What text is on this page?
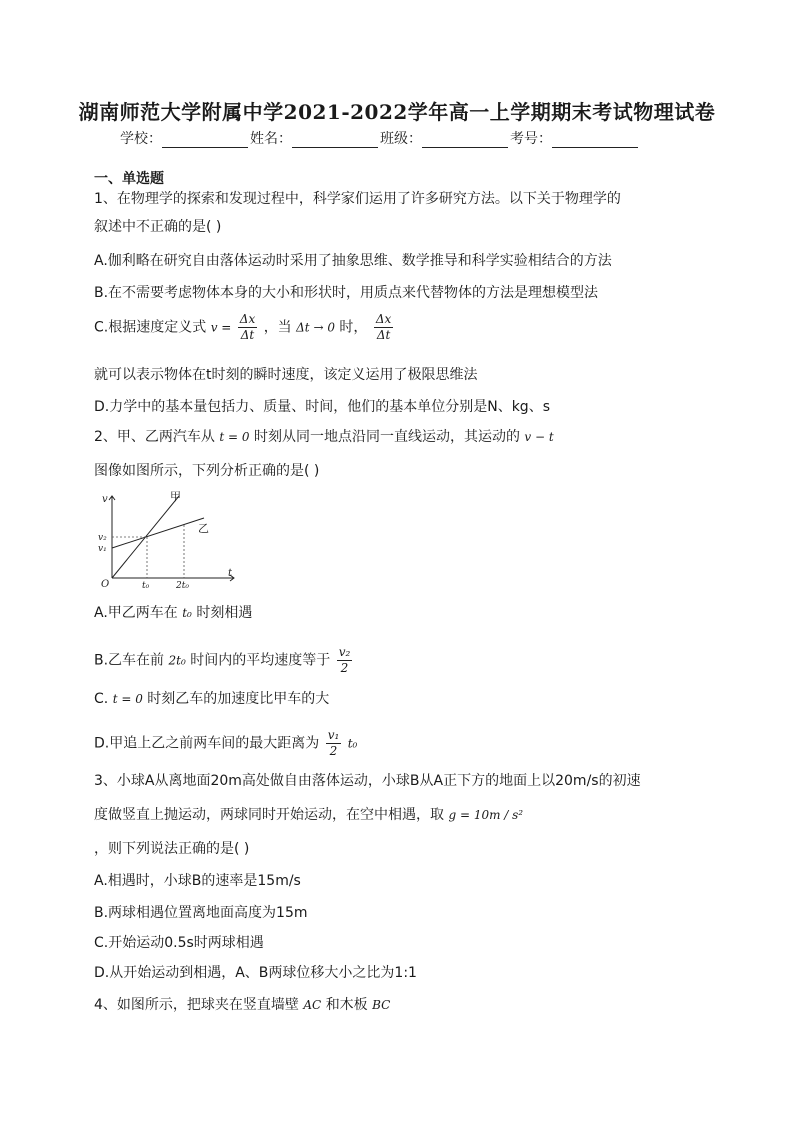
湖南师范大学附属中学2021-2022学年高一上学期期末考试物理试卷
学校：	姓名：	班级：	考号：
一、单选题
1、在物理学的探索和发现过程中，科学家们运用了许多研究方法。以下关于物理学的
叙述中不正确的是( )
A.伽利略在研究自由落体运动时采用了抽象思维、数学推导和科学实验相结合的方法
B.在不需要考虑物体本身的大小和形状时，用质点来代替物体的方法是理想模型法
C.根据速度定义式 $v = \frac{\Delta x}{\Delta t}$ ，当 Δt → 0 时， $\frac{\Delta x}{\Delta t}$
就可以表示物体在t时刻的瞬时速度，该定义运用了极限思维法
D.力学中的基本量包括力、质量、时间，他们的基本单位分别是N、kg、s
2、甲、乙两汽车从 t = 0 时刻从同一地点沿同一直线运动，其运动的 v − t
图像如图所示，下列分析正确的是( )
v
t
O
v₂
v₁
t₀	2t₀
甲
乙
A.甲乙两车在 t₀ 时刻相遇
B.乙车在前 2t₀ 时间内的平均速度等于 $\frac{\text{v₂}}{2}$
C. t = 0 时刻乙车的加速度比甲车的大
D.甲追上乙之前两车间的最大距离为 $\frac{\text{v₁}}{2} t_0$
3、小球A从离地面20m高处做自由落体运动，小球B从A正下方的地面上以20m/s的初速
度做竖直上抛运动，两球同时开始运动，在空中相遇，取 g = 10m / s²
，则下列说法正确的是( )
A.相遇时，小球B的速率是15m/s
B.两球相遇位置离地面高度为15m
C.开始运动0.5s时两球相遇
D.从开始运动到相遇，A、B两球位移大小之比为1:1
4、如图所示，把球夹在竖直墙壁 AC 和木板 BC
